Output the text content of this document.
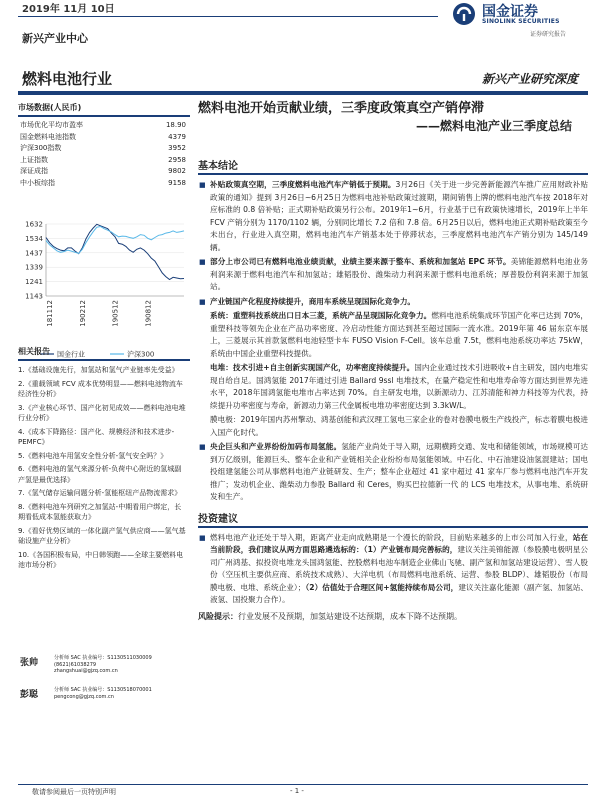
2019年 11月 10日	国金证券
SINOLINK SECURITIES
证券研究报告
新兴产业中心
燃料电池行业	新兴产业研究深度
市场数据(人民币)
市场优化平均市盈率	18.90
国金燃料电池指数	4379
沪深300指数	3952
上证指数	2958
深证成指	9802
中小板综指	9158
1632
1534
1437
1339
1241
1143
181112	190212	190512	190812
国金行业	沪深300
相关报告
1.《基础设施先行，加氢站和氢气产业链率先受益》
2.《重载领域 FCV 成本优势明显——燃料电池物流车经济性分析》
3.《产业核心环节、国产化初见成效——燃料电池电堆行业分析》
4.《成本下降路径：国产化、规模经济和技术进步-PEMFC》
5.《燃料电池车用氢安全性分析-氢气安全吗？》
6.《燃料电池的氢气来源分析-负荷中心附近的氢城副产氢是最优选择》
7.《氢气储存运输问题分析-氢能枢纽产品物流需求》
8.《燃料电池车列研究之加氢站-中期看用户绑定，长期看低成本氢能获取力》
9.《看好优势区域的一体化副产氢气供应商——氢气基础设施产业分析》
10.《各国积极布局，中日韩领跑——全球主要燃料电池市场分析》
张帅	分析师 SAC 执业编号：S1130511030009
(8621)61038279
zhangshuai@gjzq.com.cn
彭聪	分析师 SAC 执业编号：S1130518070001
pengcong@gjzq.com.cn
燃料电池开始贡献业绩，三季度政策真空产销停滞
——燃料电池产业三季度总结
基本结论

■ 补贴政策真空期，三季度燃料电池汽车产销低于预期。3月26日《关于进一步完善新能源汽车推广应用财政补贴政策的通知》提到 3月26日~6月25日为燃料电池补贴政策过渡期，期间销售上牌的燃料电池汽车按 2018年对应标准的 0.8 倍补贴；正式期补贴政策另行公布。2019年1~6月，行业基于已有政策快速增长，2019年上半年 FCV 产销分别为 1170/1102 辆，分别同比增长 7.2 倍和 7.8 倍。6月25日以后，燃料电池正式期补贴政策至今未出台，行业进入真空期，燃料电池汽车产销基本处于停滞状态，三季度燃料电池汽车产销分别为 145/149 辆。

■ 部分上市公司已有燃料电池业绩贡献，业绩主要来源于整车、系统和加氢站 EPC 环节。美锦能源燃料电池业务利润来源于燃料电池汽车和加氢站；雄韬股份、潍柴动力利润来源于燃料电池系统；厚普股份利润来源于加氢站。

■ 产业链国产化程度持续提升，商用车系统呈现国际化竞争力。

系统：重塑科技系统出口日本三菱，系统产品呈现国际化竞争力。燃料电池系统集成环节国产化率已达到 70%，重塑科技等领先企业在产品功率密度、冷启动性能方面达到甚至超过国际一流水准。2019年第 46 届东京车展上，三菱展示其首款氢燃料电池轻型卡车 FUSO Vision F-Cell。该车总重 7.5t，燃料电池系统功率达 75kW，系统由中国企业重塑科技提供。

电堆：技术引进+自主创新实现国产化，功率密度持续提升。国内企业通过技术引进吸收+自主研发，国内电堆实现自给自足。国鸿氢能 2017年通过引进 Ballard 9ssl 电堆技术，在量产稳定性和电堆寿命等方面达到世界先进水平，2018年国鸿氢能电堆市占率达到 70%。自主研发电堆，以新源动力、江苏清能和神力科技等为代表，持续提升功率密度与寿命，新源动力第三代金属板电堆功率密度达到 3.3kW/L。

膜电极：2019年国内苏州擎动、鸿基创能和武汉理工氢电三家企业的卷对卷膜电极生产线投产，标志着膜电极进入国产化时代。

■ 央企巨头和产业界纷纷加码布局氢能。氢能产业尚处于导入期，远期横跨交通、发电和储能领域，市场规模可达到万亿级别，能源巨头、整车企业和产业链相关企业纷纷布局氢能领域。中石化、中石油建设油氢混建站；国电投组建氢能公司从事燃料电池产业链研发、生产；整车企业超过 41 家中超过 41 家车厂参与燃料电池汽车开发推广；发动机企业、潍柴动力参股 Ballard 和 Ceres，购买巴拉德新一代 的 LCS 电堆技术，从事电堆、系统研发和生产。

投资建议

■ 燃料电池产业还处于导入期，距离产业走向成熟期是一个漫长的阶段，目前贴来越多的上市公司加入行业，站在当前阶段，我们建议从两方面思路遴选标的：（1）产业链布局完善标的，建议关注美锦能源（参股膜电极明星公司广州鸿基、拟投资电堆龙头国鸿氢能、控股燃料电池车制造企业佛山飞驰、副产氢和加氢站建设运营）、雪人股份（空压机主要供应商、系统技术成熟）、大洋电机（布局燃料电池系统、运营、参股 BLDP）、雄韬股份（布局膜电极、电堆、系统企业）；（2）估值处于合理区间+氢能持续布局公司，建议关注嘉化能源（副产氢、加氢站、液氢、国投聚力合作）。

风险提示：行业发展不及预期，加氢站建设不达预期，成本下降不达预期。

敬请参阅最后一页特别声明	- 1 -
